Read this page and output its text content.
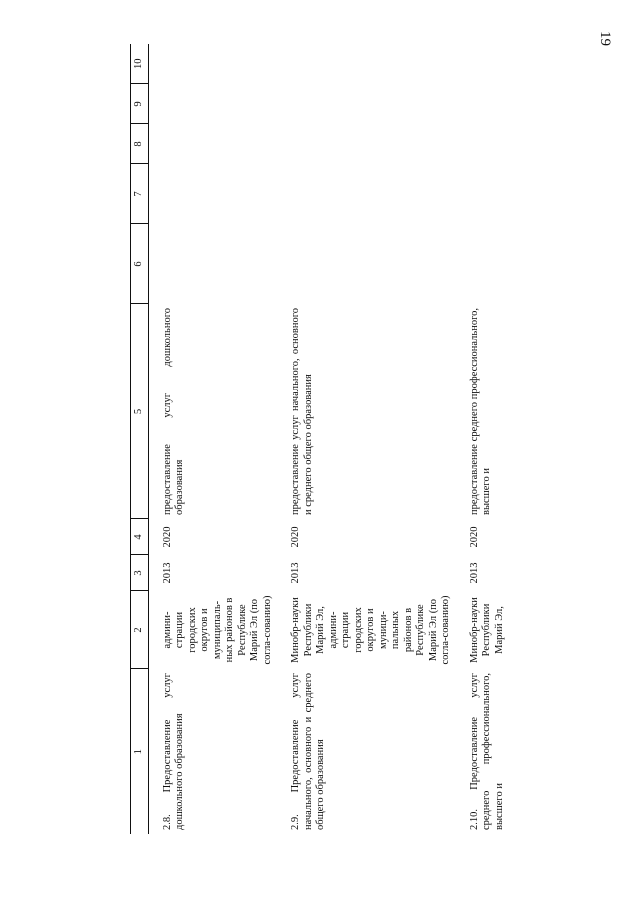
19
1	2	3	4	5	6	7	8	9	10

2.8. Предоставление услуг дошкольного образования	админи-страции городских округов и муниципаль-ных районов в Республике Марий Эл (по согла-сованию)	2013	2020	предоставление услуг дошкольного образования					

2.9. Предоставление услуг начального, основного и среднего общего образования	Минобр-науки Республики Марий Эл, админи-страции городских округов и муници-пальных районов в Республике Марий Эл (по согла-сованию)	2013	2020	предоставление услуг начального, основного и среднего общего образования					

2.10. Предоставление услуг среднего профессионального, высшего и	Минобр-науки Республики Марий Эл,	2013	2020	предоставление среднего профессионального, высшего и					
